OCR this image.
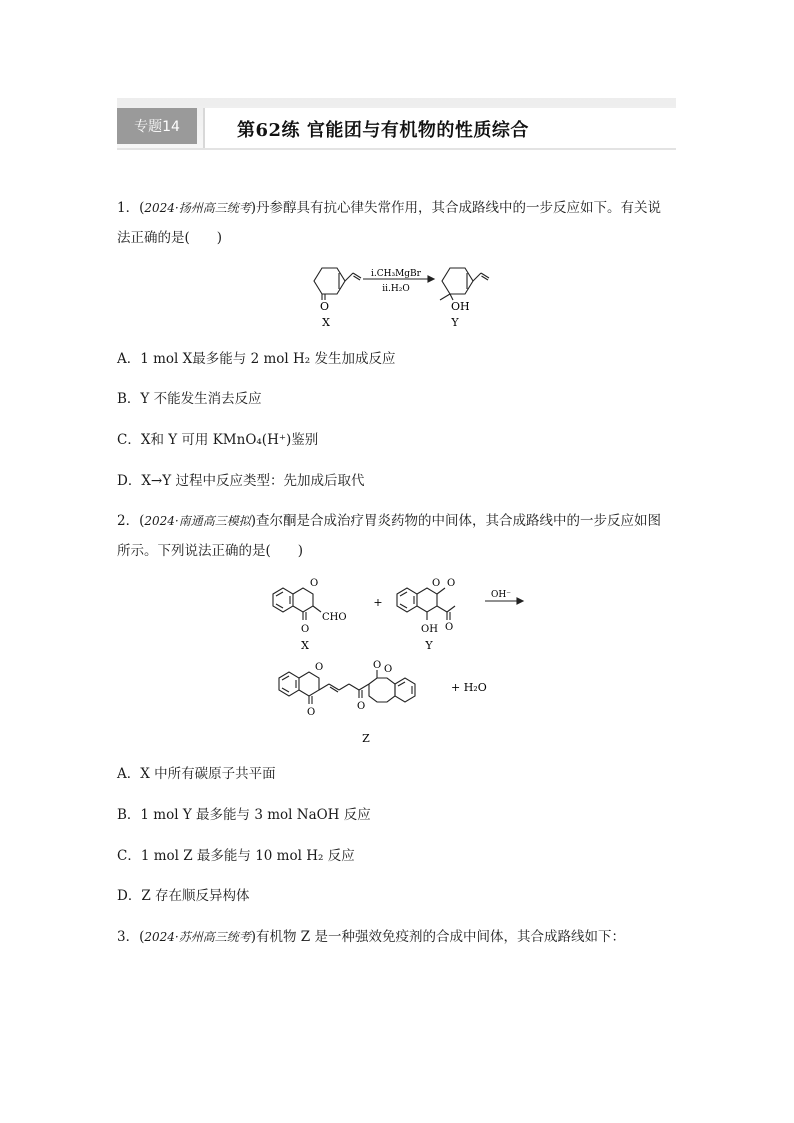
专题14	第62练 官能团与有机物的性质综合
1．(2024·扬州高三统考)丹参醇具有抗心律失常作用，其合成路线中的一步反应如下。有关说
法正确的是(　　)
i.CH₃MgBr
ii.H₂O
O
X
OH
Y
A．1 mol X最多能与 2 mol H₂ 发生加成反应
B．Y 不能发生消去反应
C．X和 Y 可用 KMnO₄(H⁺)鉴别
D．X→Y 过程中反应类型：先加成后取代
2．(2024·南通高三模拟)查尔酮是合成治疗胃炎药物的中间体，其合成路线中的一步反应如图
所示。下列说法正确的是(　　)
O
CHO
O
X
+
O O
O
OH
Y
OH⁻
O
O
O
O O
Z
+ H₂O
A．X 中所有碳原子共平面
B．1 mol Y 最多能与 3 mol NaOH 反应
C．1 mol Z 最多能与 10 mol H₂ 反应
D．Z 存在顺反异构体
3．(2024·苏州高三统考)有机物 Z 是一种强效免疫剂的合成中间体，其合成路线如下：
